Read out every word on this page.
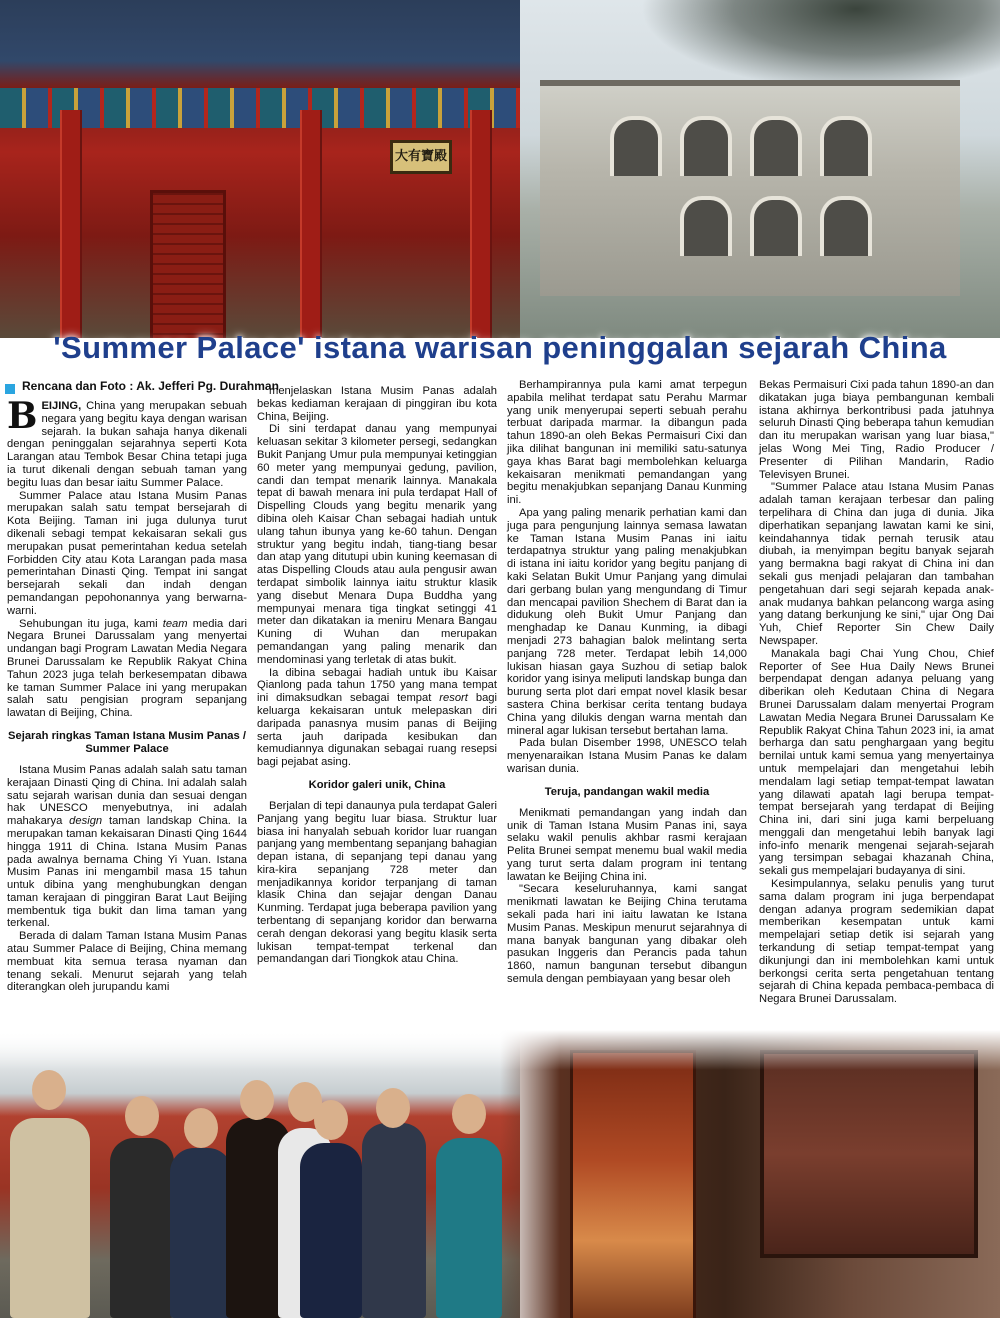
大有寶殿
'Summer Palace' istana warisan peninggalan sejarah China
Rencana dan Foto : Ak. Jefferi Pg. Durahman

BEIJING, China yang merupakan sebuah negara yang begitu kaya dengan warisan sejarah. Ia bukan sahaja hanya dikenali dengan peninggalan sejarahnya seperti Kota Larangan atau Tembok Besar China tetapi juga ia turut dikenali dengan sebuah taman yang begitu luas dan besar iaitu Summer Palace.

Summer Palace atau Istana Musim Panas merupakan salah satu tempat bersejarah di Kota Beijing. Taman ini juga dulunya turut dikenali sebagi tempat kekaisaran sekali gus merupakan pusat pemerintahan kedua setelah Forbidden City atau Kota Larangan pada masa pemerintahan Dinasti Qing. Tempat ini sangat bersejarah sekali dan indah dengan pemandangan pepohonannya yang berwarna-warni.

Sehubungan itu juga, kami team media dari Negara Brunei Darussalam yang menyertai undangan bagi Program Lawatan Media Negara Brunei Darussalam ke Republik Rakyat China Tahun 2023 juga telah berkesempatan dibawa ke taman Summer Palace ini yang merupakan salah satu pengisian program sepanjang lawatan di Beijing, China.

Sejarah ringkas Taman Istana Musim Panas / Summer Palace

Istana Musim Panas adalah salah satu taman kerajaan Dinasti Qing di China. Ini adalah salah satu sejarah warisan dunia dan sesuai dengan hak UNESCO menyebutnya, ini adalah mahakarya design taman landskap China. Ia merupakan taman kekaisaran Dinasti Qing 1644 hingga 1911 di China. Istana Musim Panas pada awalnya bernama Ching Yi Yuan. Istana Musim Panas ini mengambil masa 15 tahun untuk dibina yang menghubungkan dengan taman kerajaan di pinggiran Barat Laut Beijing membentuk tiga bukit dan lima taman yang terkenal.

Berada di dalam Taman Istana Musim Panas atau Summer Palace di Beijing, China memang membuat kita semua terasa nyaman dan tenang sekali. Menurut sejarah yang telah diterangkan oleh jurupandu kami

menjelaskan Istana Musim Panas adalah bekas kediaman kerajaan di pinggiran ibu kota China, Beijing.

Di sini terdapat danau yang mempunyai keluasan sekitar 3 kilometer persegi, sedangkan Bukit Panjang Umur pula mempunyai ketinggian 60 meter yang mempunyai gedung, pavilion, candi dan tempat menarik lainnya. Manakala tepat di bawah menara ini pula terdapat Hall of Dispelling Clouds yang begitu menarik yang dibina oleh Kaisar Chan sebagai hadiah untuk ulang tahun ibunya yang ke-60 tahun. Dengan struktur yang begitu indah, tiang-tiang besar dan atap yang ditutupi ubin kuning keemasan di atas Dispelling Clouds atau aula pengusir awan terdapat simbolik lainnya iaitu struktur klasik yang disebut Menara Dupa Buddha yang mempunyai menara tiga tingkat setinggi 41 meter dan dikatakan ia meniru Menara Bangau Kuning di Wuhan dan merupakan pemandangan yang paling menarik dan mendominasi yang terletak di atas bukit.

Ia dibina sebagai hadiah untuk ibu Kaisar Qianlong pada tahun 1750 yang mana tempat ini dimaksudkan sebagai tempat resort bagi keluarga kekaisaran untuk melepaskan diri daripada panasnya musim panas di Beijing serta jauh daripada kesibukan dan kemudiannya digunakan sebagai ruang resepsi bagi pejabat asing.

Koridor galeri unik, China

Berjalan di tepi danaunya pula terdapat Galeri Panjang yang begitu luar biasa. Struktur luar biasa ini hanyalah sebuah koridor luar ruangan panjang yang membentang sepanjang bahagian depan istana, di sepanjang tepi danau yang kira-kira sepanjang 728 meter dan menjadikannya koridor terpanjang di taman klasik China dan sejajar dengan Danau Kunming. Terdapat juga beberapa pavilion yang terbentang di sepanjang koridor dan berwarna cerah dengan dekorasi yang begitu klasik serta lukisan tempat-tempat terkenal dan pemandangan dari Tiongkok atau China.

Berhampirannya pula kami amat terpegun apabila melihat terdapat satu Perahu Marmar yang unik menyerupai seperti sebuah perahu terbuat daripada marmar. Ia dibangun pada tahun 1890-an oleh Bekas Permaisuri Cixi dan jika dilihat bangunan ini memiliki satu-satunya gaya khas Barat bagi membolehkan keluarga kekaisaran menikmati pemandangan yang begitu menakjubkan sepanjang Danau Kunming ini.

Apa yang paling menarik perhatian kami dan juga para pengunjung lainnya semasa lawatan ke Taman Istana Musim Panas ini iaitu terdapatnya struktur yang paling menakjubkan di istana ini iaitu koridor yang begitu panjang di kaki Selatan Bukit Umur Panjang yang dimulai dari gerbang bulan yang mengundang di Timur dan mencapai pavilion Shechem di Barat dan ia didukung oleh Bukit Umur Panjang dan menghadap ke Danau Kunming, ia dibagi menjadi 273 bahagian balok melintang serta panjang 728 meter. Terdapat lebih 14,000 lukisan hiasan gaya Suzhou di setiap balok koridor yang isinya meliputi landskap bunga dan burung serta plot dari empat novel klasik besar sastera China berkisar cerita tentang budaya China yang dilukis dengan warna mentah dan mineral agar lukisan tersebut bertahan lama.

Pada bulan Disember 1998, UNESCO telah menyenaraikan Istana Musim Panas ke dalam warisan dunia.

Teruja, pandangan wakil media

Menikmati pemandangan yang indah dan unik di Taman Istana Musim Panas ini, saya selaku wakil penulis akhbar rasmi kerajaan Pelita Brunei sempat menemu bual wakil media yang turut serta dalam program ini tentang lawatan ke Beijing China ini.

"Secara keseluruhannya, kami sangat menikmati lawatan ke Beijing China terutama sekali pada hari ini iaitu lawatan ke Istana Musim Panas. Meskipun menurut sejarahnya di mana banyak bangunan yang dibakar oleh pasukan Inggeris dan Perancis pada tahun 1860, namun bangunan tersebut dibangun semula dengan pembiayaan yang besar oleh

Bekas Permaisuri Cixi pada tahun 1890-an dan dikatakan juga biaya pembangunan kembali istana akhirnya berkontribusi pada jatuhnya seluruh Dinasti Qing beberapa tahun kemudian dan itu merupakan warisan yang luar biasa," jelas Wong Mei Ting, Radio Producer / Presenter di Pilihan Mandarin, Radio Televisyen Brunei.

"Summer Palace atau Istana Musim Panas adalah taman kerajaan terbesar dan paling terpelihara di China dan juga di dunia. Jika diperhatikan sepanjang lawatan kami ke sini, keindahannya tidak pernah terusik atau diubah, ia menyimpan begitu banyak sejarah yang bermakna bagi rakyat di China ini dan sekali gus menjadi pelajaran dan tambahan pengetahuan dari segi sejarah kepada anak-anak mudanya bahkan pelancong warga asing yang datang berkunjung ke sini," ujar Ong Dai Yuh, Chief Reporter Sin Chew Daily Newspaper.

Manakala bagi Chai Yung Chou, Chief Reporter of See Hua Daily News Brunei berpendapat dengan adanya peluang yang diberikan oleh Kedutaan China di Negara Brunei Darussalam dalam menyertai Program Lawatan Media Negara Brunei Darussalam Ke Republik Rakyat China Tahun 2023 ini, ia amat berharga dan satu penghargaan yang begitu bernilai untuk kami semua yang menyertainya untuk mempelajari dan mengetahui lebih mendalam lagi setiap tempat-tempat lawatan yang dilawati apatah lagi berupa tempat-tempat bersejarah yang terdapat di Beijing China ini, dari sini juga kami berpeluang menggali dan mengetahui lebih banyak lagi info-info menarik mengenai sejarah-sejarah yang tersimpan sebagai khazanah China, sekali gus mempelajari budayanya di sini.

Kesimpulannya, selaku penulis yang turut sama dalam program ini juga berpendapat dengan adanya program sedemikian dapat memberikan kesempatan untuk kami mempelajari setiap detik isi sejarah yang terkandung di setiap tempat-tempat yang dikunjungi dan ini membolehkan kami untuk berkongsi cerita serta pengetahuan tentang sejarah di China kepada pembaca-pembaca di Negara Brunei Darussalam.
